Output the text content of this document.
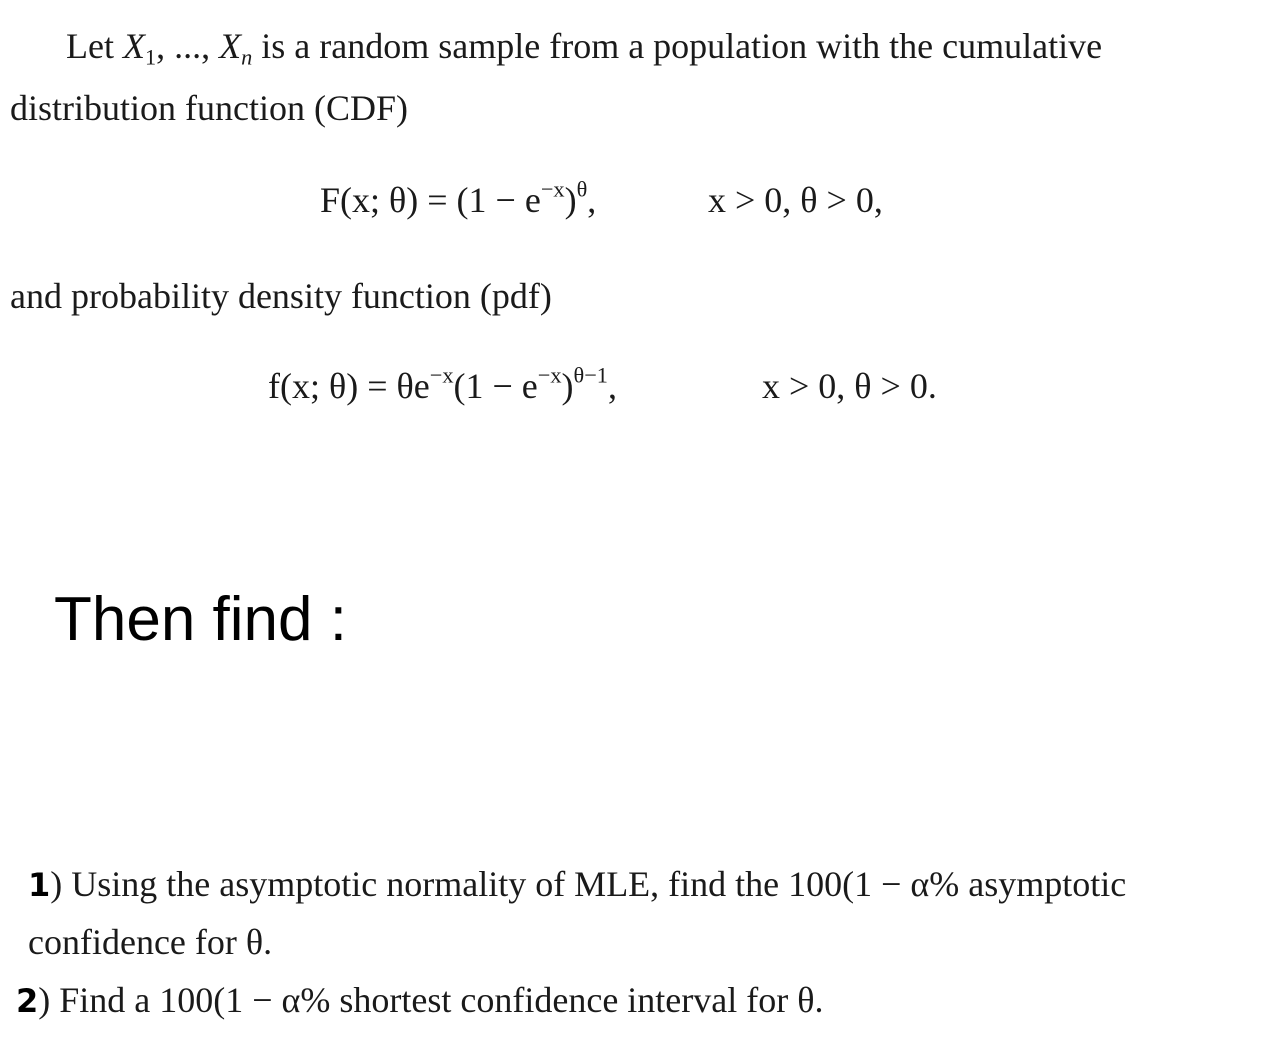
Let $X_1$, ..., $X_n$ is a random sample from a population with the cumulative
distribution function (CDF)
F(x; $\theta) = (1 - e^{-x})^\theta$,	x > 0, θ > 0,
and probability density function (pdf)
f(x; $\theta) = \theta e^{-x}(1 - e^{-x})^{\theta-1}$,	x > 0, θ > 0.
Then find :
1) Using the asymptotic normality of MLE, find the 100(1 − α% asymptotic
confidence for θ.
2) Find a 100(1 − α% shortest confidence interval for θ.
